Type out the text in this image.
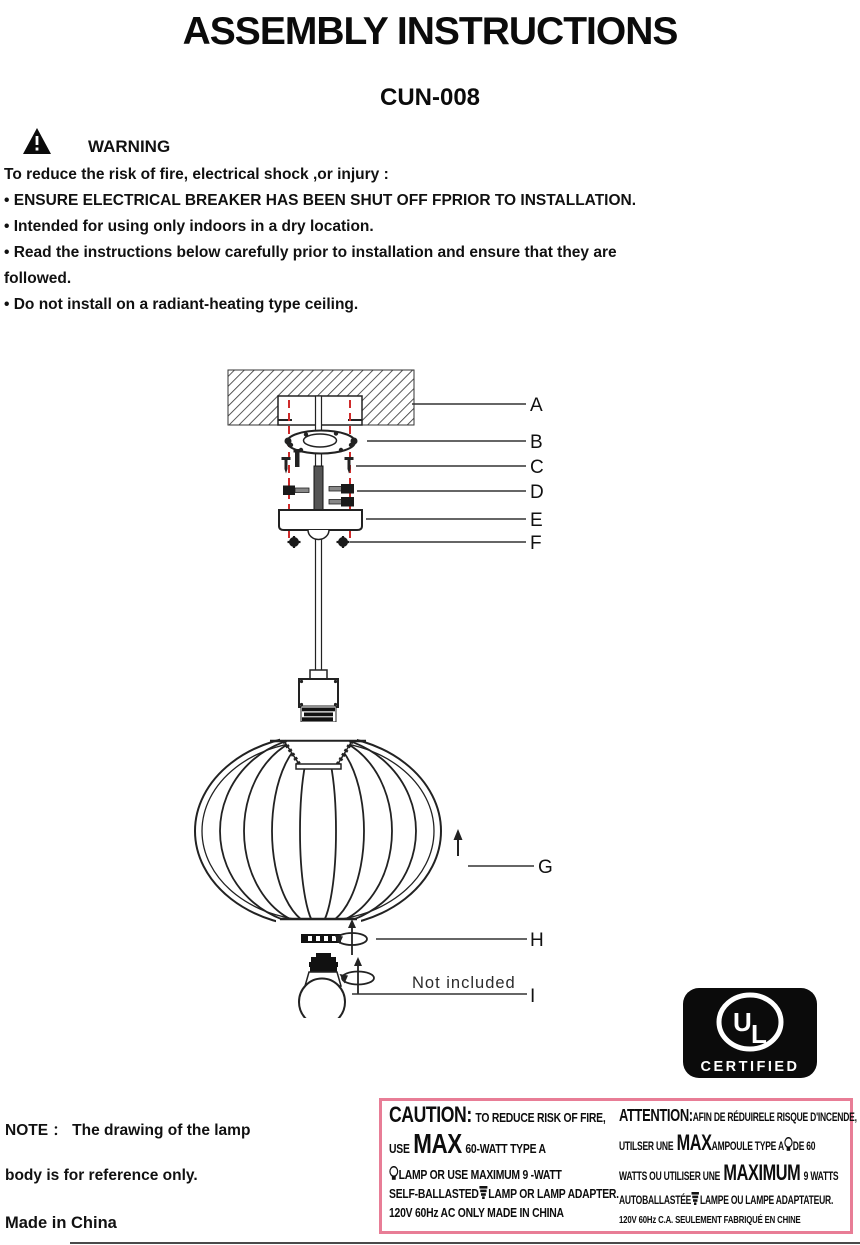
ASSEMBLY INSTRUCTIONS
CUN-008
WARNING
To reduce the risk of fire, electrical shock ,or injury :
• ENSURE ELECTRICAL BREAKER HAS BEEN SHUT OFF FPRIOR TO INSTALLATION.
• Intended for using only indoors in a dry location.
• Read the instructions below carefully prior to installation and ensure that they are
followed.
• Do not install on a radiant-heating type ceiling.
A
B
C
D
E
F
G
H
I
Not included
U L
CERTIFIED
NOTE ： The drawing of the lamp
body is for reference only.
Made in China
CAUTION: TO REDUCE RISK OF FIRE,
USE MAX 60-WATT TYPE A
LAMP OR USE MAXIMUM 9 -WATT
SELF-BALLASTED LAMP OR LAMP ADAPTER.
120V 60Hz AC ONLY MADE IN CHINA
ATTENTION:AFIN DE RÉDUIRELE RISQUE D'INCENDE,
UTILSER UNE MAXAMPOULE TYPE A DE 60
WATTS OU UTILISER UNE MAXIMUM 9 WATTS
AUTOBALLASTÉE LAMPE OU LAMPE ADAPTATEUR.
120V 60Hz C.A. SEULEMENT FABRIQUÉ EN CHINE
